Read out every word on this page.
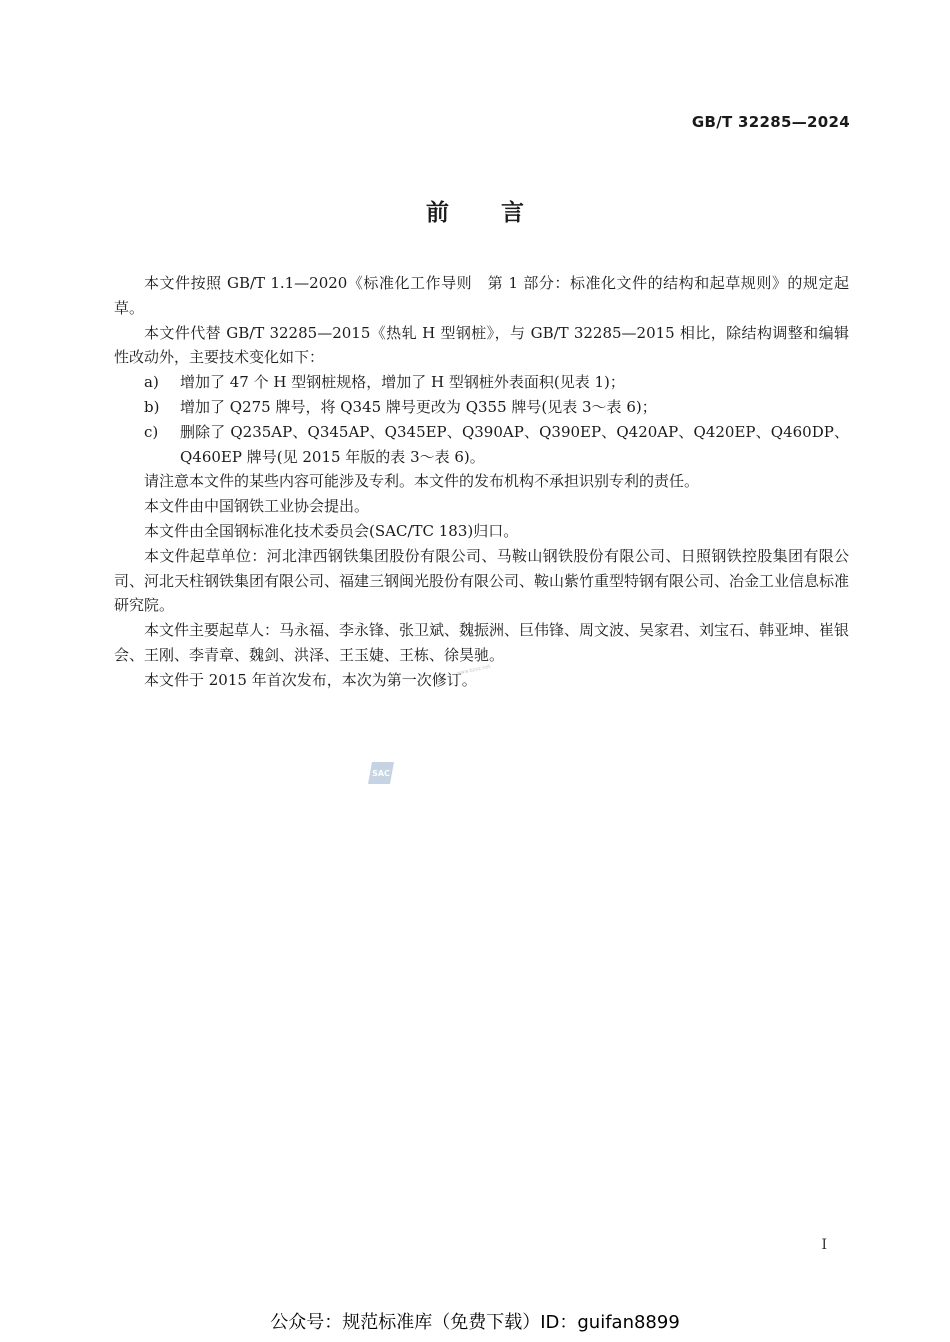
GB/T 32285—2024
前言

本文件按照 GB/T 1.1—2020《标准化工作导则　第 1 部分：标准化文件的结构和起草规则》的规定起草。

本文件代替 GB/T 32285—2015《热轧 H 型钢桩》，与 GB/T 32285—2015 相比，除结构调整和编辑性改动外，主要技术变化如下：

a)	增加了 47 个 H 型钢桩规格，增加了 H 型钢桩外表面积(见表 1)；

b)	增加了 Q275 牌号，将 Q345 牌号更改为 Q355 牌号(见表 3～表 6)；

c)	删除了 Q235AP、Q345AP、Q345EP、Q390AP、Q390EP、Q420AP、Q420EP、Q460DP、Q460EP 牌号(见 2015 年版的表 3～表 6)。

请注意本文件的某些内容可能涉及专利。本文件的发布机构不承担识别专利的责任。

本文件由中国钢铁工业协会提出。

本文件由全国钢标准化技术委员会(SAC/TC 183)归口。

本文件起草单位：河北津西钢铁集团股份有限公司、马鞍山钢铁股份有限公司、日照钢铁控股集团有限公司、河北天柱钢铁集团有限公司、福建三钢闽光股份有限公司、鞍山紫竹重型特钢有限公司、冶金工业信息标准研究院。

本文件主要起草人：马永福、李永锋、张卫斌、魏振洲、巨伟锋、周文波、吴家君、刘宝石、韩亚坤、崔银会、王刚、李青章、魏剑、洪泽、王玉婕、王栋、徐昊驰。

本文件于 2015 年首次发布，本次为第一次修订。

www.bzxz.net
SAC
I
公众号：规范标准库（免费下载）ID：guifan8899
